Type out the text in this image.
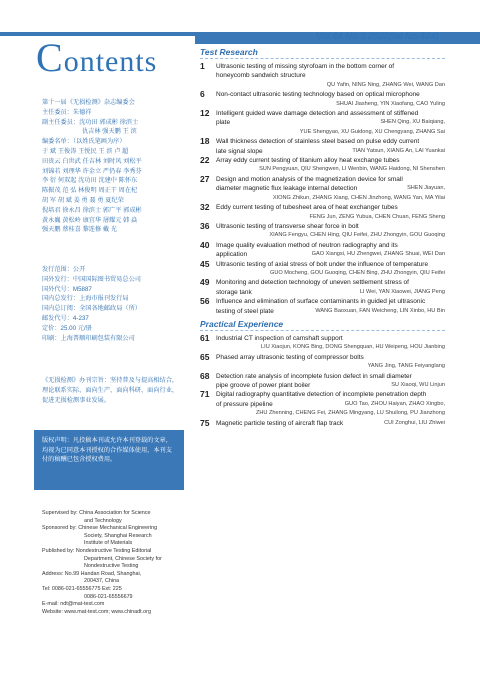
Contents
Vol.44 No.3 2022(tal No.444)

第十一届《无损检测》杂志编委会

主任委员：朱德祥

副主任委员：沈功田 郭成彬 徐滨士

仇吉林 强天鹏 王 滨

编委名单：（以姓氏笔画为序）

于 斌 王俊涛 王悦民 王 滨 卢 超

田贵云 白世武 任吉林 刘时风 刘松平

刘锦若 刘理华 许金立 严仍春 李秀芬

李 衍 何双起 沈功田 沈建中 陈怀东

陈振茂 范 弘 林俊明 周正干 周在杞

胡 军 胡 斌 姜 勇 聂 勇 夏纪荣

倪培君 徐永昌 徐滨士 郭广平 郭成彬

黄永巍 黄松岭 康宜华 屠耀元 韩 焱

强天鹏 蔡桂喜 黎连修 戴 光

发行范围：公开

国外发行：中国国际图书贸易总公司

国外代号：M5887

国内总发行：上海市报刊发行局

国内总订阅：全国各地邮政局（所）

邮发代号：4-237

定价：25.00 元/册

印刷：上海普顺印刷包装有限公司

《无损检测》办刊宗旨：坚持普及与提高相结合，理论联系实际、面向生产、面向科研、面向行业，促进无损检测事业发展。
版权声明：凡投稿本刊或允许本刊登载的文章，均视为已同意本刊授权的合作媒体使用，本刊支付的稿酬已包含授权费用。

Supervised by: China Association for Science

and Technology

Sponsored by: Chinese Mechanical Engineering

Society, Shanghai Research

Institute of Materials

Published by: Nondestructive Testing Editorial

Department, Chinese Society for

Nondestructive Testing

Address: No.99 Handan Road, Shanghai,

200437, China

Tel: 0086-021-65556775 Ext: 225

0086-021-65556679

E-mail: ndt@mat-test.com

Website: www.mat-test.com; www.chinadt.org

Test Research
1	Ultrasonic testing of missing styrofoam in the bottom corner of
honeycomb sandwich structure
QU Yafin, NING Ning, ZHANG Wei, WANG Dan
6	Non-contact ultrasonic testing technology based on optical microphone
SHUAI Jiasheng, YIN Xiaofang, CAO Yuling
12	Intelligent guided wave damage detection and assessment of stiffened
plate	SHEN Qing, XU Baiqiang,
YUE Shengyao, XU Guidong, XU Chengyang, ZHANG Sai
18	Wall thickness detection of stainless steel based on pulse eddy current
late signal slope	TIAN Yatsun, XIANG An, LAI Yuankai
22	Array eddy current testing of titanium alloy heat exchange tubes
SUN Pengyuan, QIU Shengwen, LI Wenbin, WANG Haidong, NI Shenshen
27	Design and motion analysis of the magnetization device for small
diameter magnetic flux leakage internal detection	SHEN Jiayuan,
XIONG Zhikun, ZHANG Xiang, CHEN Jinzhong, WANG Yan, MA Yilai
32	Eddy current testing of tubesheet area of heat exchanger tubes
FENG Jun, ZENG Yubua, CHEN Chuan, FENG Sheng
36	Ultrasonic testing of transverse shear force in bolt
XIANG Fengyu, CHEN Hing, QIU Feifei, ZHU Zhongyin, GOU Guoqing
40	Image quality evaluation method of neutron radiography and its
application	GAO Xiangsi, HU Zhengwei, ZHANG Shuai, WEI Dan
45	Ultrasonic testing of axial stress of bolt under the influence of temperature
GUO Mocheng, GOU Guoqing, CHEN Bing, ZHU Zhongyin, QIU Feifei
49	Monitoring and detection technology of uneven settlement stress of
storage tank	LI Wei, YAN Xiaowei, JIANG Peng
56	Influence and elimination of surface contaminants in guided jet ultrasonic
testing of steel plate	WANG Baoxuan, FAN Weicheng, LIN Xinbo, HU Bin
Practical Experience
61	Industrial CT inspection of camshaft support
LIU Xiaojun, KONG Bing, DONG Shengquan, HU Weipeng, HOU Jianbing
65	Phased array ultrasonic testing of compressor bolts
YANG Jing, TANG Feiyanglang
68	Detection rate analysis of incomplete fusion defect in small diameter
pipe groove of power plant boiler	SU Xiaoqi, WU Linjun
71	Digital radiography quantitative detection of incomplete penetration depth
of pressure pipeline	GUO Tao, ZHOU Haiyan, ZHAO Xingbo,
ZHU Zhenning, CHENG Fei, ZHANG Mingyang, LU Shuilong, PU Jianzhong
75	Magnetic particle testing of aircraft flap track	CUI Zonghui, LIU Zhiwei
